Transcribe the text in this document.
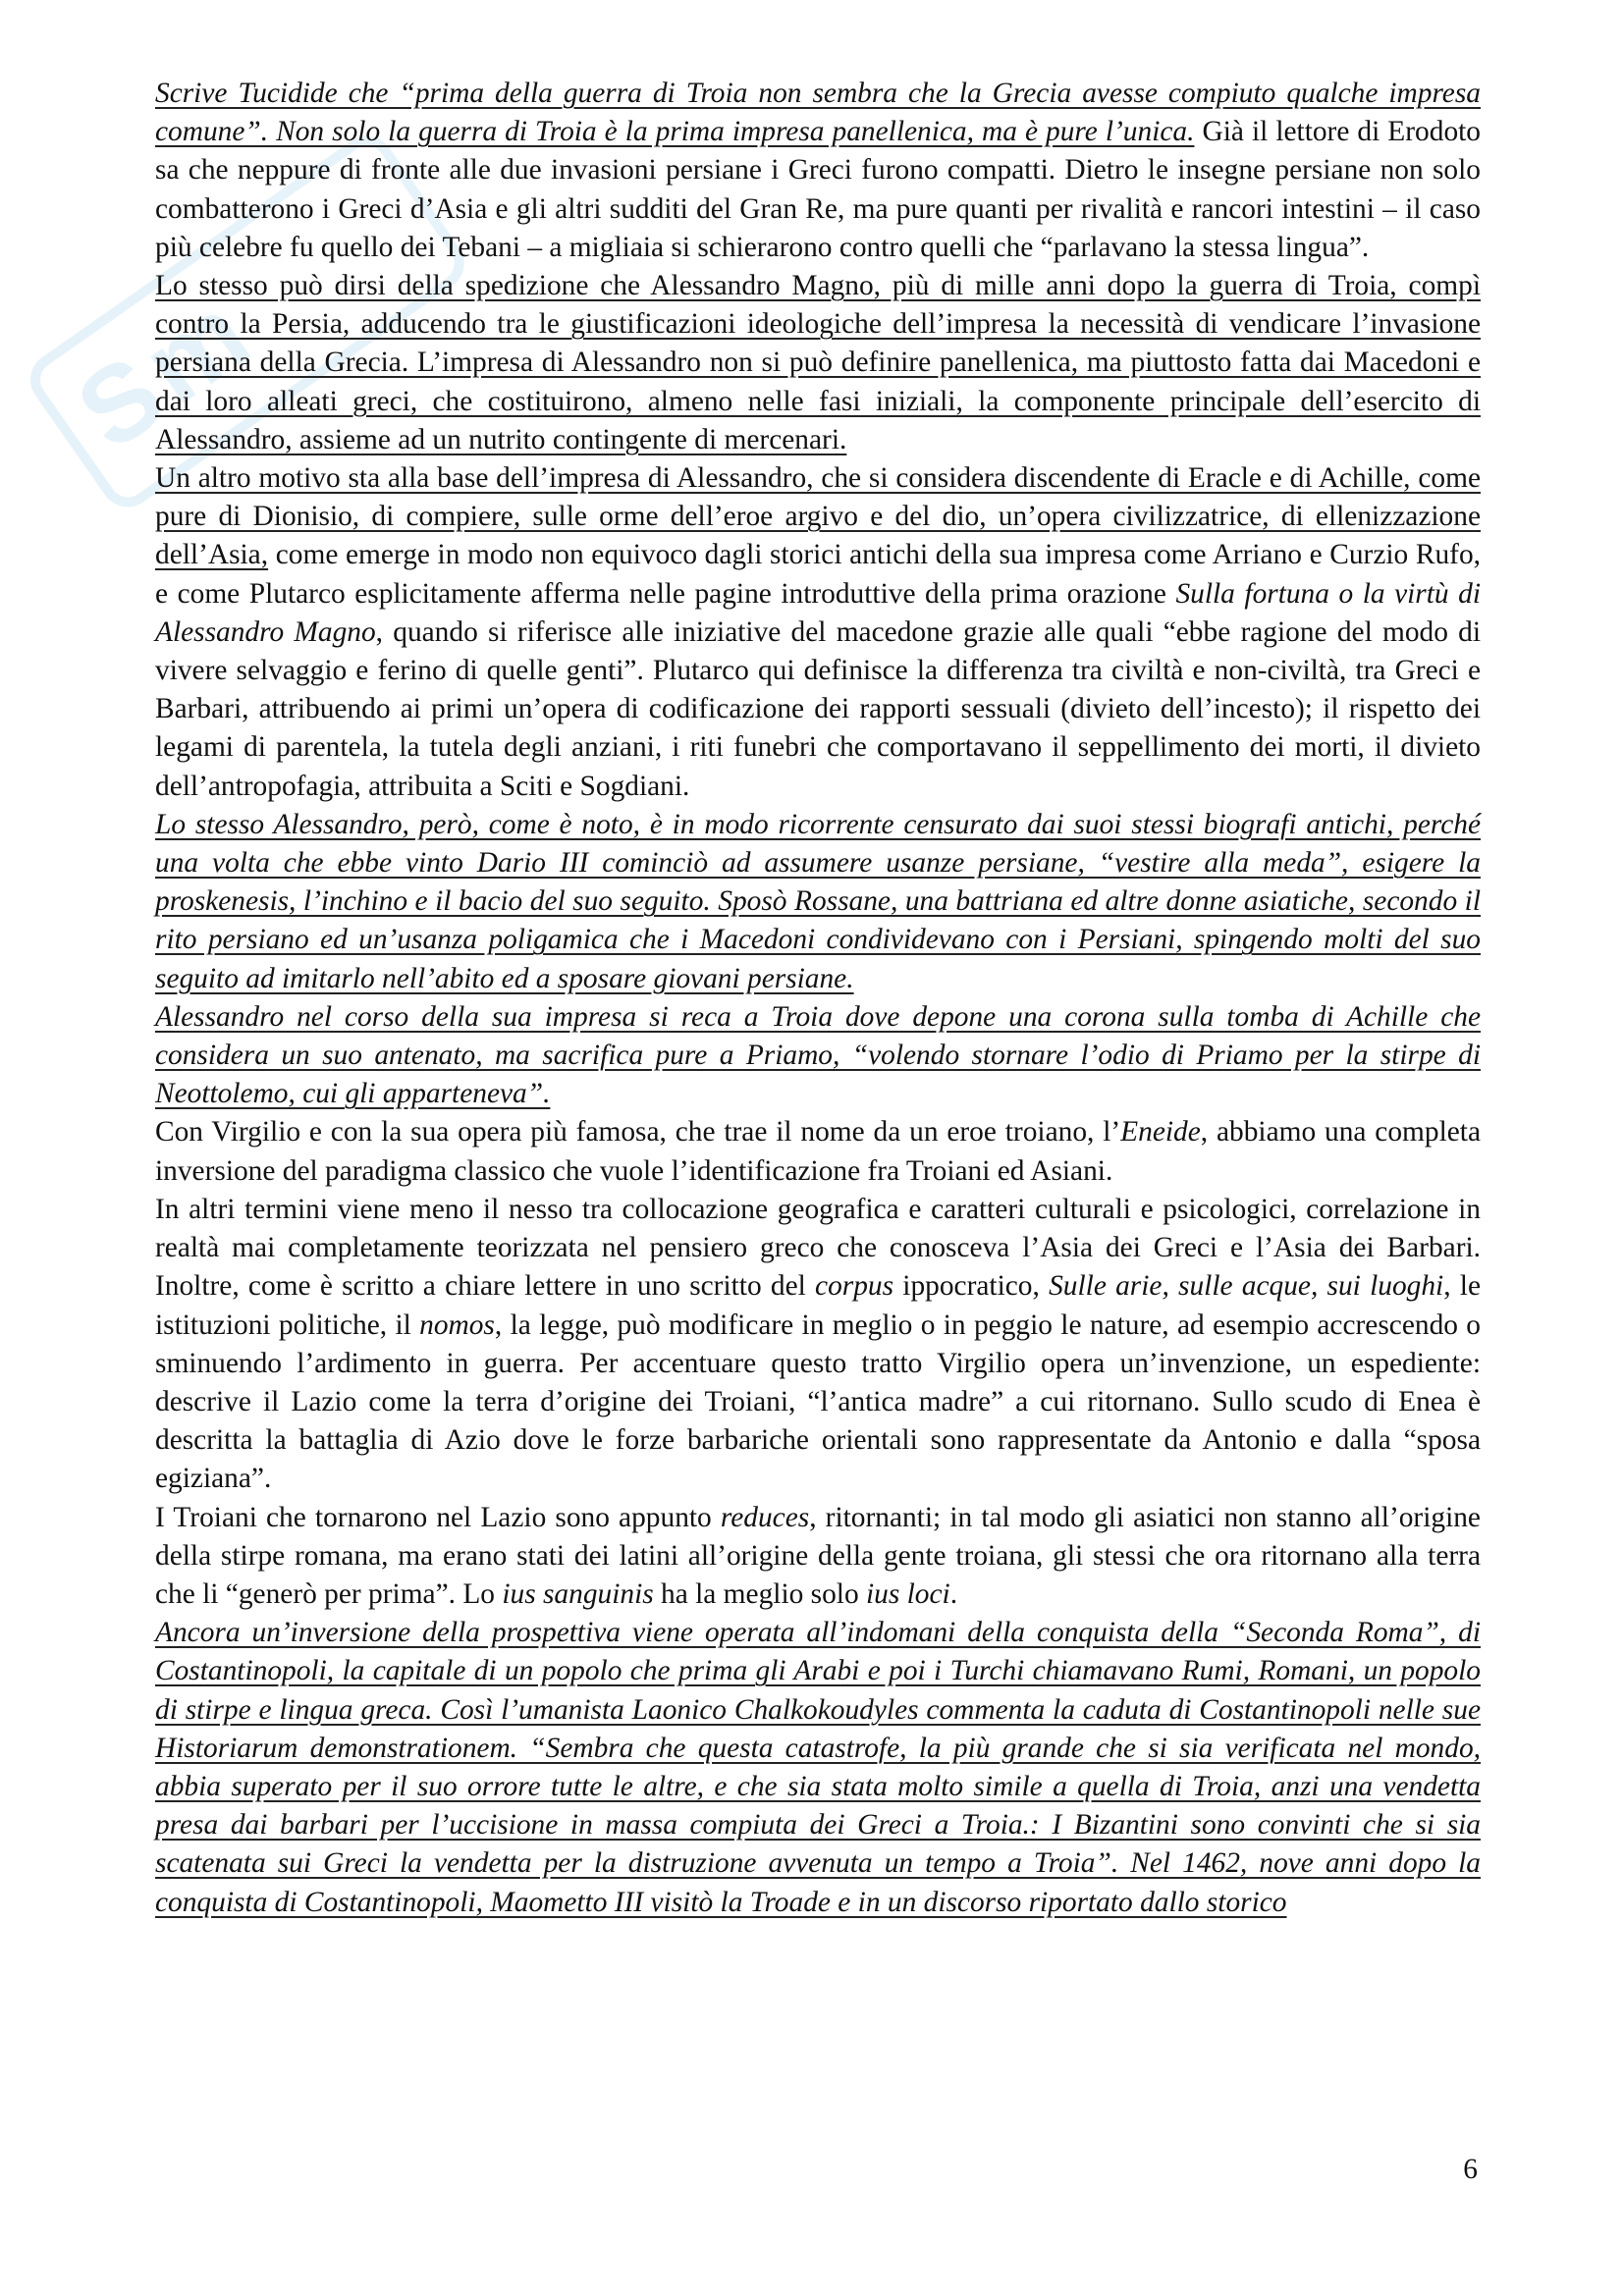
Sm

Scrive Tucidide che “prima della guerra di Troia non sembra che la Grecia avesse compiuto qualche impresa comune”. Non solo la guerra di Troia è la prima impresa panellenica, ma è pure l’unica. Già il lettore di Erodoto sa che neppure di fronte alle due invasioni persiane i Greci furono compatti. Dietro le insegne persiane non solo combatterono i Greci d’Asia e gli altri sudditi del Gran Re, ma pure quanti per rivalità e rancori intestini – il caso più celebre fu quello dei Tebani – a migliaia si schierarono contro quelli che “parlavano la stessa lingua”.

Lo stesso può dirsi della spedizione che Alessandro Magno, più di mille anni dopo la guerra di Troia, compì contro la Persia, adducendo tra le giustificazioni ideologiche dell’impresa la necessità di vendicare l’invasione persiana della Grecia. L’impresa di Alessandro non si può definire panellenica, ma piuttosto fatta dai Macedoni e dai loro alleati greci, che costituirono, almeno nelle fasi iniziali, la componente principale dell’esercito di Alessandro, assieme ad un nutrito contingente di mercenari.

Un altro motivo sta alla base dell’impresa di Alessandro, che si considera discendente di Eracle e di Achille, come pure di Dionisio, di compiere, sulle orme dell’eroe argivo e del dio, un’opera civilizzatrice, di ellenizzazione dell’Asia, come emerge in modo non equivoco dagli storici antichi della sua impresa come Arriano e Curzio Rufo, e come Plutarco esplicitamente afferma nelle pagine introduttive della prima orazione Sulla fortuna o la virtù di Alessandro Magno, quando si riferisce alle iniziative del macedone grazie alle quali “ebbe ragione del modo di vivere selvaggio e ferino di quelle genti”. Plutarco qui definisce la differenza tra civiltà e non-civiltà, tra Greci e Barbari, attribuendo ai primi un’opera di codificazione dei rapporti sessuali (divieto dell’incesto); il rispetto dei legami di parentela, la tutela degli anziani, i riti funebri che comportavano il seppellimento dei morti, il divieto dell’antropofagia, attribuita a Sciti e Sogdiani.

Lo stesso Alessandro, però, come è noto, è in modo ricorrente censurato dai suoi stessi biografi antichi, perché una volta che ebbe vinto Dario III cominciò ad assumere usanze persiane, “vestire alla meda”, esigere la proskenesis, l’inchino e il bacio del suo seguito. Sposò Rossane, una battriana ed altre donne asiatiche, secondo il rito persiano ed un’usanza poligamica che i Macedoni condividevano con i Persiani, spingendo molti del suo seguito ad imitarlo nell’abito ed a sposare giovani persiane.

Alessandro nel corso della sua impresa si reca a Troia dove depone una corona sulla tomba di Achille che considera un suo antenato, ma sacrifica pure a Priamo, “volendo stornare l’odio di Priamo per la stirpe di Neottolemo, cui gli apparteneva”.

Con Virgilio e con la sua opera più famosa, che trae il nome da un eroe troiano, l’Eneide, abbiamo una completa inversione del paradigma classico che vuole l’identificazione fra Troiani ed Asiani.

In altri termini viene meno il nesso tra collocazione geografica e caratteri culturali e psicologici, correlazione in realtà mai completamente teorizzata nel pensiero greco che conosceva l’Asia dei Greci e l’Asia dei Barbari. Inoltre, come è scritto a chiare lettere in uno scritto del corpus ippocratico, Sulle arie, sulle acque, sui luoghi, le istituzioni politiche, il nomos, la legge, può modificare in meglio o in peggio le nature, ad esempio accrescendo o sminuendo l’ardimento in guerra. Per accentuare questo tratto Virgilio opera un’invenzione, un espediente: descrive il Lazio come la terra d’origine dei Troiani, “l’antica madre” a cui ritornano. Sullo scudo di Enea è descritta la battaglia di Azio dove le forze barbariche orientali sono rappresentate da Antonio e dalla “sposa egiziana”.

I Troiani che tornarono nel Lazio sono appunto reduces, ritornanti; in tal modo gli asiatici non stanno all’origine della stirpe romana, ma erano stati dei latini all’origine della gente troiana, gli stessi che ora ritornano alla terra che li “generò per prima”. Lo ius sanguinis ha la meglio solo ius loci.

Ancora un’inversione della prospettiva viene operata all’indomani della conquista della “Seconda Roma”, di Costantinopoli, la capitale di un popolo che prima gli Arabi e poi i Turchi chiamavano Rumi, Romani, un popolo di stirpe e lingua greca. Così l’umanista Laonico Chalkokoudyles commenta la caduta di Costantinopoli nelle sue Historiarum demonstrationem. “Sembra che questa catastrofe, la più grande che si sia verificata nel mondo, abbia superato per il suo orrore tutte le altre, e che sia stata molto simile a quella di Troia, anzi una vendetta presa dai barbari per l’uccisione in massa compiuta dei Greci a Troia.: I Bizantini sono convinti che si sia scatenata sui Greci la vendetta per la distruzione avvenuta un tempo a Troia”. Nel 1462, nove anni dopo la conquista di Costantinopoli, Maometto III visitò la Troade e in un discorso riportato dallo storico

6
